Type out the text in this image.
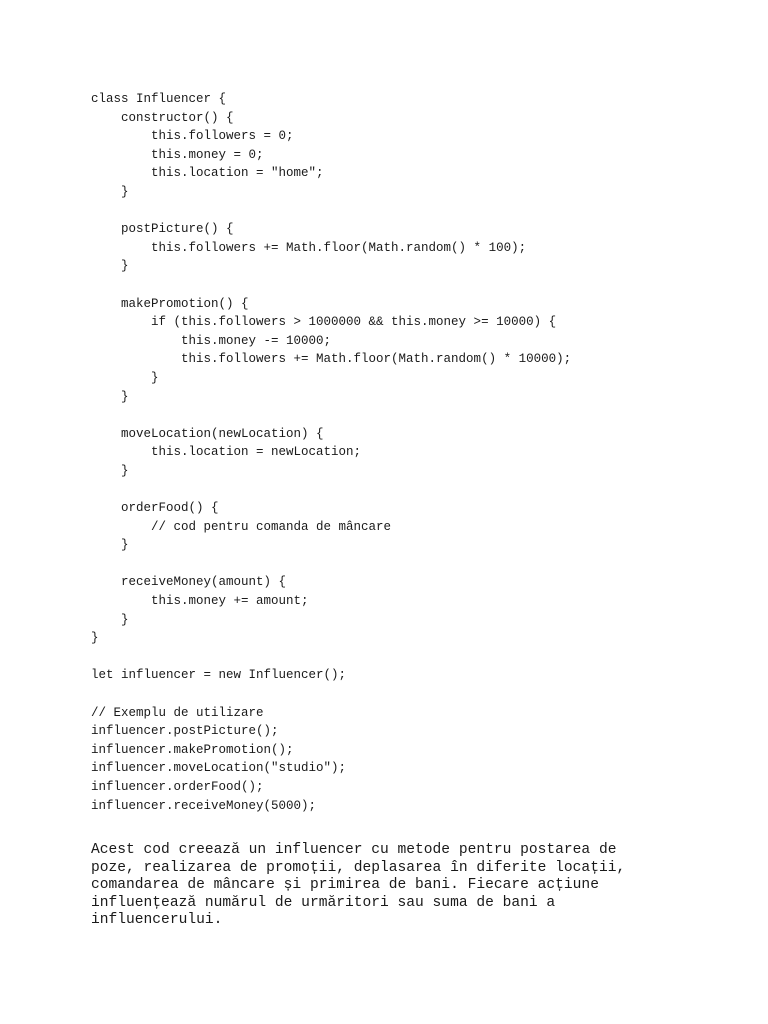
class Influencer {
constructor() {
this.followers = 0;
this.money = 0;
this.location = "home";
}
postPicture() {
this.followers += Math.floor(Math.random() * 100);
}
makePromotion() {
if (this.followers > 1000000 && this.money >= 10000) {
this.money -= 10000;
this.followers += Math.floor(Math.random() * 10000);
}
}
moveLocation(newLocation) {
this.location = newLocation;
}
orderFood() {
// cod pentru comanda de mâncare
}
receiveMoney(amount) {
this.money += amount;
}
}
let influencer = new Influencer();
// Exemplu de utilizare
influencer.postPicture();
influencer.makePromotion();
influencer.moveLocation("studio");
influencer.orderFood();
influencer.receiveMoney(5000);
Acest cod creează un influencer cu metode pentru postarea de
poze, realizarea de promoții, deplasarea în diferite locații,
comandarea de mâncare și primirea de bani. Fiecare acțiune
influențează numărul de urmăritori sau suma de bani a
influencerului.
